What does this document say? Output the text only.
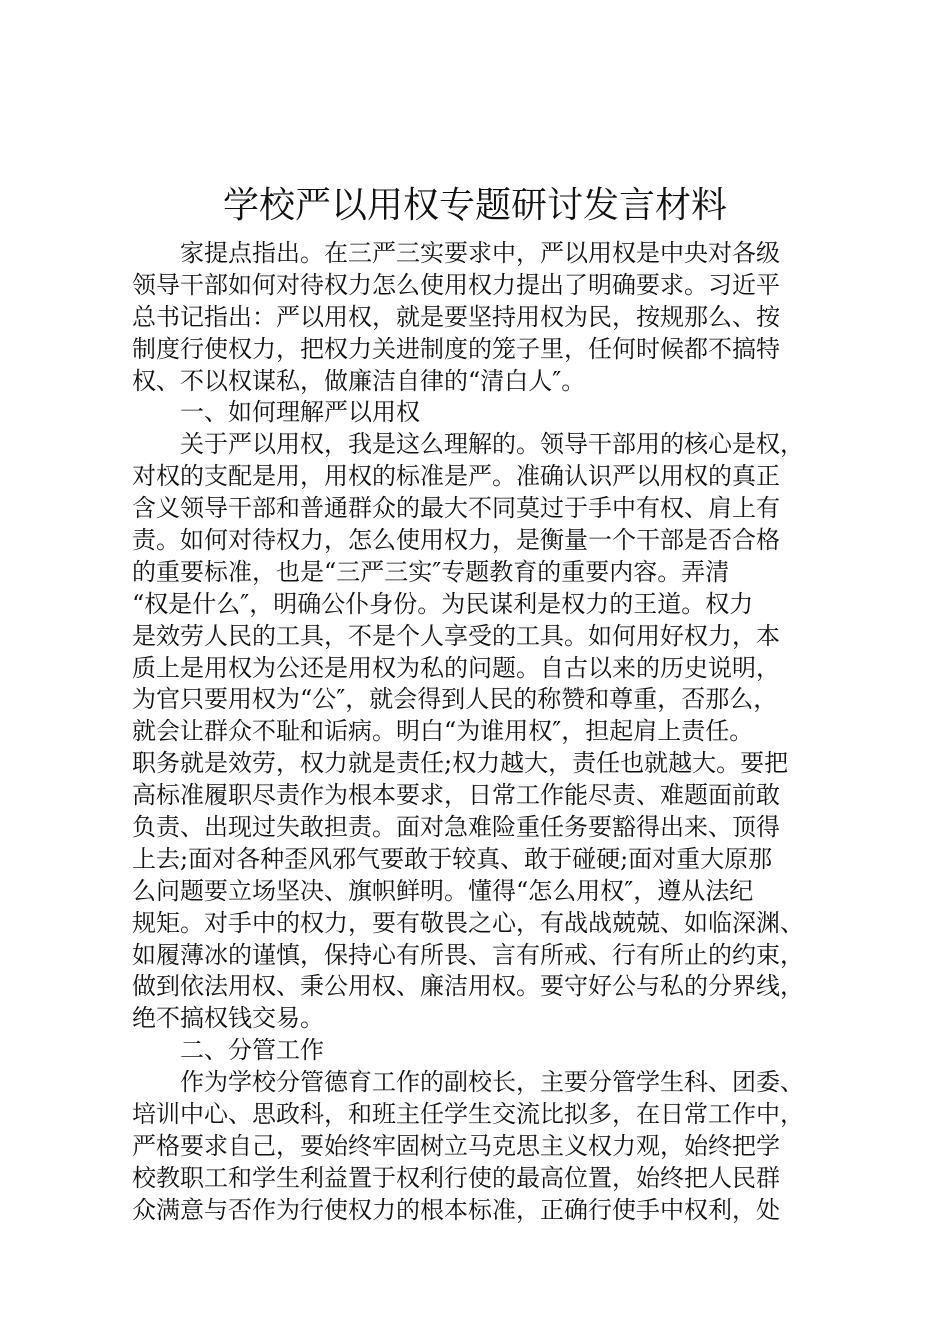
学校严以用权专题研讨发言材料
家提点指出。在三严三实要求中，严以用权是中央对各级
领导干部如何对待权力怎么使用权力提出了明确要求。习近平
总书记指出：严以用权，就是要坚持用权为民，按规那么、按
制度行使权力，把权力关进制度的笼子里，任何时候都不搞特
权、不以权谋私，做廉洁自律的“清白人″。
一、如何理解严以用权
关于严以用权，我是这么理解的。领导干部用的核心是权，
对权的支配是用，用权的标准是严。准确认识严以用权的真正
含义领导干部和普通群众的最大不同莫过于手中有权、肩上有
责。如何对待权力，怎么使用权力，是衡量一个干部是否合格
的重要标准，也是“三严三实″专题教育的重要内容。弄清
“权是什么″，明确公仆身份。为民谋利是权力的王道。权力
是效劳人民的工具，不是个人享受的工具。如何用好权力，本
质上是用权为公还是用权为私的问题。自古以来的历史说明，
为官只要用权为“公″，就会得到人民的称赞和尊重，否那么，
就会让群众不耻和诟病。明白“为谁用权″，担起肩上责任。
职务就是效劳，权力就是责任;权力越大，责任也就越大。要把
高标准履职尽责作为根本要求，日常工作能尽责、难题面前敢
负责、出现过失敢担责。面对急难险重任务要豁得出来、顶得
上去;面对各种歪风邪气要敢于较真、敢于碰硬;面对重大原那
么问题要立场坚决、旗帜鲜明。懂得“怎么用权″，遵从法纪
规矩。对手中的权力，要有敬畏之心，有战战兢兢、如临深渊、
如履薄冰的谨慎，保持心有所畏、言有所戒、行有所止的约束，
做到依法用权、秉公用权、廉洁用权。要守好公与私的分界线，
绝不搞权钱交易。
二、分管工作
作为学校分管德育工作的副校长，主要分管学生科、团委、
培训中心、思政科，和班主任学生交流比拟多，在日常工作中，
严格要求自己，要始终牢固树立马克思主义权力观，始终把学
校教职工和学生利益置于权利行使的最高位置，始终把人民群
众满意与否作为行使权力的根本标准，正确行使手中权利，处
